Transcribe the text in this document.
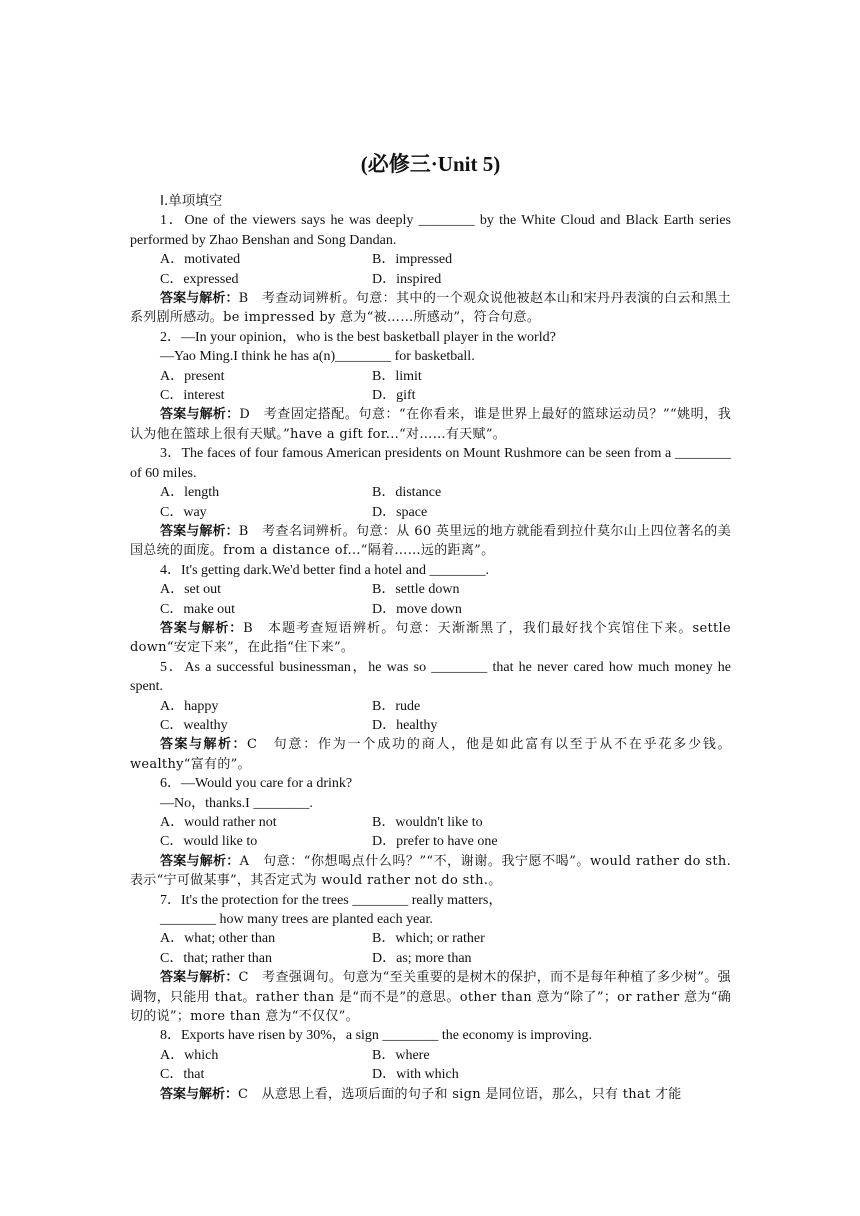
(必修三·Unit 5)
Ⅰ.单项填空

1．One of the viewers says he was deeply ________ by the White Cloud and Black Earth series performed by Zhao Benshan and Song Dandan.

A．motivated	B．impressed
C．expressed	D．inspired

答案与解析：B　考查动词辨析。句意：其中的一个观众说他被赵本山和宋丹丹表演的白云和黑土系列剧所感动。be impressed by 意为“被……所感动”，符合句意。

2．—In your opinion，who is the best basketball player in the world?

—Yao Ming.I think he has a(n)________ for basketball.

A．present	B．limit
C．interest	D．gift

答案与解析：D　考查固定搭配。句意：“在你看来，谁是世界上最好的篮球运动员？”“姚明，我认为他在篮球上很有天赋。”have a gift for...“对……有天赋”。

3．The faces of four famous American presidents on Mount Rushmore can be seen from a ________ of 60 miles.

A．length	B．distance
C．way	D．space

答案与解析：B　考查名词辨析。句意：从 60 英里远的地方就能看到拉什莫尔山上四位著名的美国总统的面庞。from a distance of...“隔着……远的距离”。

4．It's getting dark.We'd better find a hotel and ________.

A．set out	B．settle down
C．make out	D．move down

答案与解析：B　本题考查短语辨析。句意：天渐渐黑了，我们最好找个宾馆住下来。settle down“安定下来”，在此指“住下来”。

5．As a successful businessman，he was so ________ that he never cared how much money he spent.

A．happy	B．rude
C．wealthy	D．healthy

答案与解析：C　句意：作为一个成功的商人，他是如此富有以至于从不在乎花多少钱。wealthy“富有的”。

6．—Would you care for a drink?

—No，thanks.I ________.

A．would rather not	B．wouldn't like to
C．would like to	D．prefer to have one

答案与解析：A　句意：“你想喝点什么吗？”“不，谢谢。我宁愿不喝”。would rather do sth.表示“宁可做某事”，其否定式为 would rather not do sth.。

7．It's the protection for the trees ________ really matters，

________ how many trees are planted each year.

A．what; other than	B．which; or rather
C．that; rather than	D．as; more than

答案与解析：C　考查强调句。句意为“至关重要的是树木的保护，而不是每年种植了多少树”。强调物，只能用 that。rather than 是“而不是”的意思。other than 意为“除了”；or rather 意为“确切的说”；more than 意为“不仅仅”。

8．Exports have risen by 30%，a sign ________ the economy is improving.

A．which	B．where
C．that	D．with which

答案与解析：C　从意思上看，选项后面的句子和 sign 是同位语，那么，只有 that 才能
